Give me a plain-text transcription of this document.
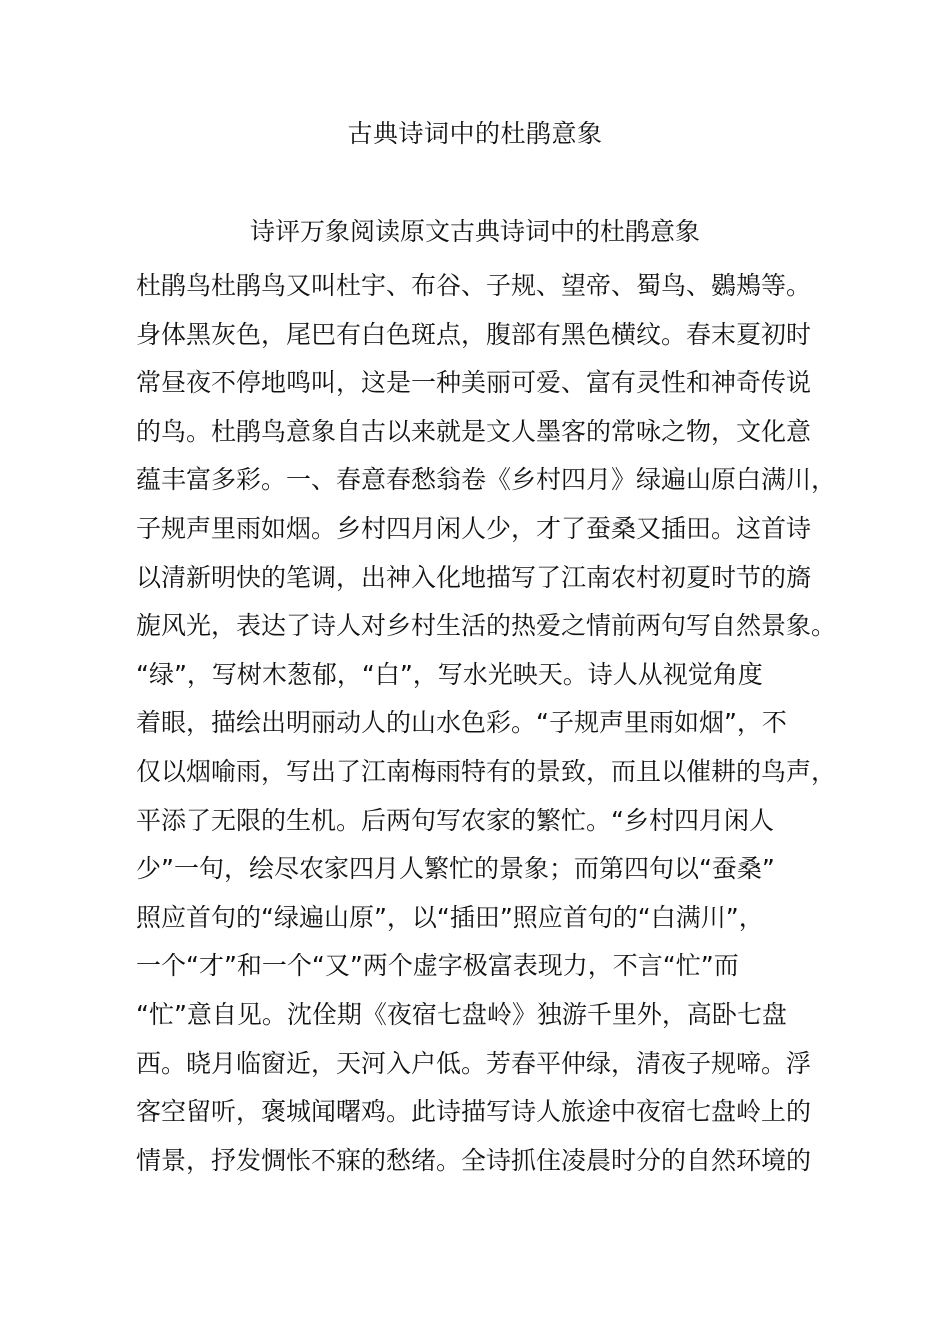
古典诗词中的杜鹃意象
诗评万象阅读原文古典诗词中的杜鹃意象
杜鹃鸟杜鹃鸟又叫杜宇、布谷、子规、望帝、蜀鸟、鷃鴂等。
身体黑灰色，尾巴有白色斑点，腹部有黑色横纹。春末夏初时
常昼夜不停地鸣叫，这是一种美丽可爱、富有灵性和神奇传说
的鸟。杜鹃鸟意象自古以来就是文人墨客的常咏之物，文化意
蕴丰富多彩。一、春意春愁翁卷《乡村四月》绿遍山原白满川，
子规声里雨如烟。乡村四月闲人少，才了蚕桑又插田。这首诗
以清新明快的笔调，出神入化地描写了江南农村初夏时节的旖
旎风光，表达了诗人对乡村生活的热爱之情前两句写自然景象。
“绿”，写树木葱郁，“白”，写水光映天。诗人从视觉角度
着眼，描绘出明丽动人的山水色彩。“子规声里雨如烟”，不
仅以烟喻雨，写出了江南梅雨特有的景致，而且以催耕的鸟声，
平添了无限的生机。后两句写农家的繁忙。“乡村四月闲人
少”一句，绘尽农家四月人繁忙的景象；而第四句以“蚕桑”
照应首句的“绿遍山原”，以“插田”照应首句的“白满川”，
一个“才”和一个“又”两个虚字极富表现力，不言“忙”而
“忙”意自见。沈佺期《夜宿七盘岭》独游千里外，高卧七盘
西。晓月临窗近，天河入户低。芳春平仲绿，清夜子规啼。浮
客空留听，褒城闻曙鸡。此诗描写诗人旅途中夜宿七盘岭上的
情景，抒发惆怅不寐的愁绪。全诗抓住凌晨时分的自然环境的
